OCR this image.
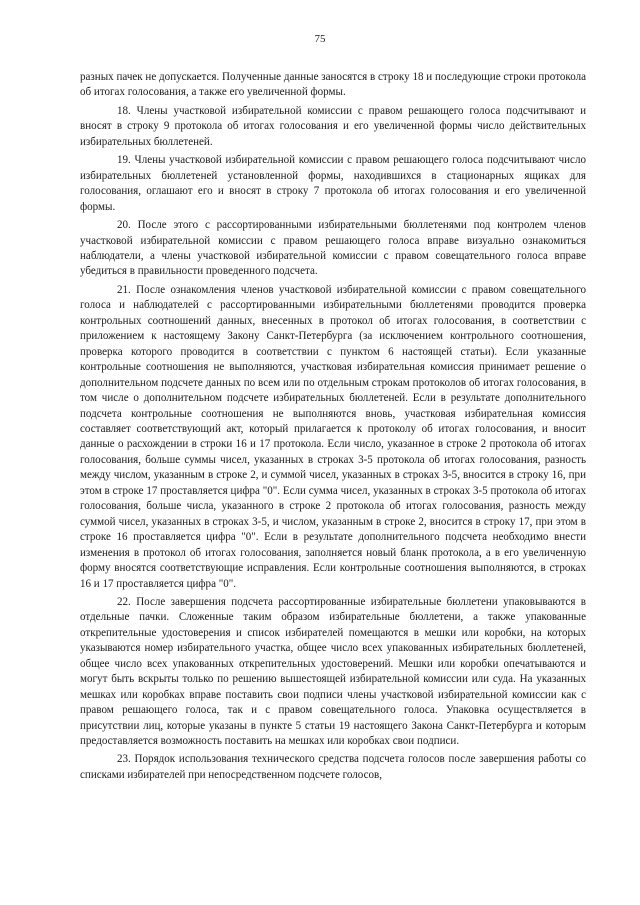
75

разных пачек не допускается. Полученные данные заносятся в строку 18 и последующие строки протокола об итогах голосования, а также его увеличенной формы.

18. Члены участковой избирательной комиссии с правом решающего голоса подсчитывают и вносят в строку 9 протокола об итогах голосования и его увеличенной формы число действительных избирательных бюллетеней.

19. Члены участковой избирательной комиссии с правом решающего голоса подсчитывают число избирательных бюллетеней установленной формы, находившихся в стационарных ящиках для голосования, оглашают его и вносят в строку 7 протокола об итогах голосования и его увеличенной формы.

20. После этого с рассортированными избирательными бюллетенями под контролем членов участковой избирательной комиссии с правом решающего голоса вправе визуально ознакомиться наблюдатели, а члены участковой избирательной комиссии с правом совещательного голоса вправе убедиться в правильности проведенного подсчета.

21. После ознакомления членов участковой избирательной комиссии с правом совещательного голоса и наблюдателей с рассортированными избирательными бюллетенями проводится проверка контрольных соотношений данных, внесенных в протокол об итогах голосования, в соответствии с приложением к настоящему Закону Санкт-Петербурга (за исключением контрольного соотношения, проверка которого проводится в соответствии с пунктом 6 настоящей статьи). Если указанные контрольные соотношения не выполняются, участковая избирательная комиссия принимает решение о дополнительном подсчете данных по всем или по отдельным строкам протоколов об итогах голосования, в том числе о дополнительном подсчете избирательных бюллетеней. Если в результате дополнительного подсчета контрольные соотношения не выполняются вновь, участковая избирательная комиссия составляет соответствующий акт, который прилагается к протоколу об итогах голосования, и вносит данные о расхождении в строки 16 и 17 протокола. Если число, указанное в строке 2 протокола об итогах голосования, больше суммы чисел, указанных в строках 3-5 протокола об итогах голосования, разность между числом, указанным в строке 2, и суммой чисел, указанных в строках 3-5, вносится в строку 16, при этом в строке 17 проставляется цифра "0". Если сумма чисел, указанных в строках 3-5 протокола об итогах голосования, больше числа, указанного в строке 2 протокола об итогах голосования, разность между суммой чисел, указанных в строках 3-5, и числом, указанным в строке 2, вносится в строку 17, при этом в строке 16 проставляется цифра "0". Если в результате дополнительного подсчета необходимо внести изменения в протокол об итогах голосования, заполняется новый бланк протокола, а в его увеличенную форму вносятся соответствующие исправления. Если контрольные соотношения выполняются, в строках 16 и 17 проставляется цифра "0".

22. После завершения подсчета рассортированные избирательные бюллетени упаковываются в отдельные пачки. Сложенные таким образом избирательные бюллетени, а также упакованные открепительные удостоверения и список избирателей помещаются в мешки или коробки, на которых указываются номер избирательного участка, общее число всех упакованных избирательных бюллетеней, общее число всех упакованных открепительных удостоверений. Мешки или коробки опечатываются и могут быть вскрыты только по решению вышестоящей избирательной комиссии или суда. На указанных мешках или коробках вправе поставить свои подписи члены участковой избирательной комиссии как с правом решающего голоса, так и с правом совещательного голоса. Упаковка осуществляется в присутствии лиц, которые указаны в пункте 5 статьи 19 настоящего Закона Санкт-Петербурга и которым предоставляется возможность поставить на мешках или коробках свои подписи.

23. Порядок использования технического средства подсчета голосов после завершения работы со списками избирателей при непосредственном подсчете голосов,
